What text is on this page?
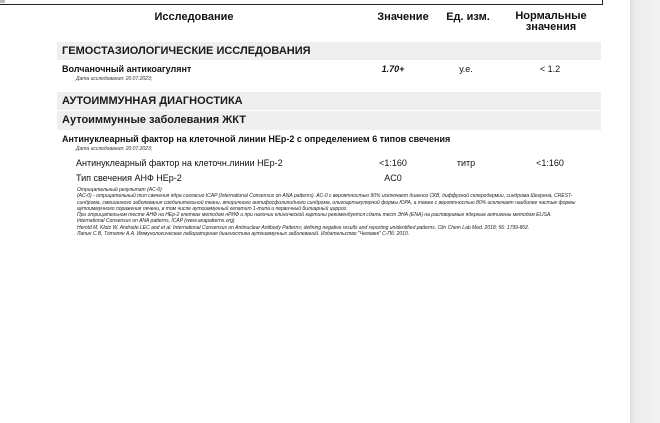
Исследование	Значение	Ед. изм.	Нормальные
значения
ГЕМОСТАЗИОЛОГИЧЕСКИЕ ИССЛЕДОВАНИЯ
Волчаночный антикоагулянт
Дата исследования: 20.07.2023;
1.70+	у.е.	< 1.2
АУТОИММУННАЯ ДИАГНОСТИКА
Аутоиммунные заболевания ЖКТ
Антинуклеарный фактор на клеточной линии HEp-2 с определением 6 типов свечения
Дата исследования: 20.07.2023;
Антинуклеарный фактор на клеточн.линии HEp-2	<1:160	титр	<1:160
Тип свечения АНФ HEp-2	AC0
Отрицательный результат (AC-0)
(AC-0) - отрицательный тип свечения ядра согласно ICAP (International Consensus on ANA patterns). AC-0 с вероятностью 90% исключает диагноз СКВ, диффузной склеродермии, синдрома Шегрена, CREST-синдрома, смешанного заболевания соединительной ткани, вторичного антифосфолипидного синдрома, олигоартикулярной формы ЮРА, а также с вероятностью 80% исключает наиболее частые формы аутоиммунного поражения печени, в том числе аутоиммунный гепатит 1-типа и первичный билиарный цирроз.
При отрицательном тесте АНФ на HEp-2 клетках методом нРИФ и при наличии клинической картины рекомендуется сдать тест ЭНА (ENA) на растворимые ядерные антигены методом ELISA.
International Consensus on ANA patterns, ICAP (www.anapatterns.org)
Herold M, Klotz W, Andrade LEC and et al. International Consensus on Antinuclear Antibody Patterns; defining negative results and reporting unidentified patterns. Clin Chem Lab Med. 2018; 56: 1799-802.
Лапин С.В, Тотолян А.А. Иммунологическая лабораторная диагностика аутоиммунных заболеваний. Издательство "Человек" С-Пб. 2010.
